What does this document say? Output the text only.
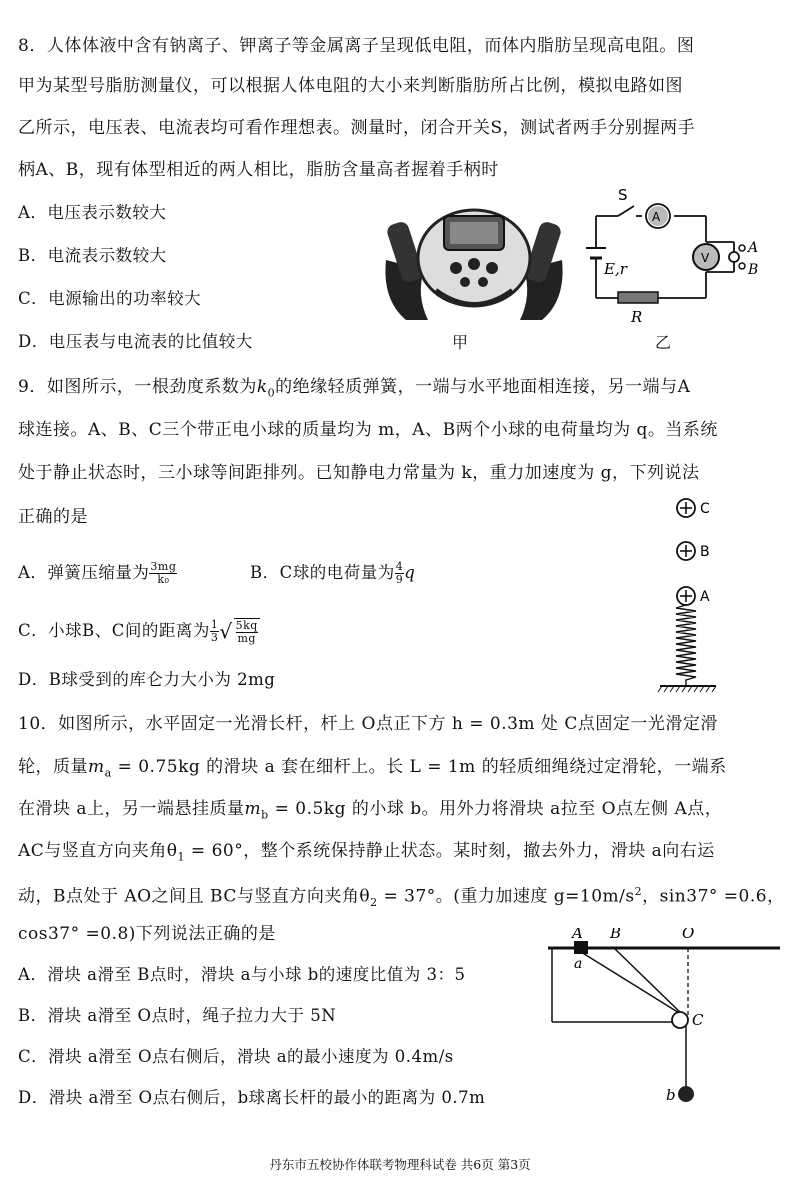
8．人体体液中含有钠离子、钾离子等金属离子呈现低电阻，而体内脂肪呈现高电阻。图
甲为某型号脂肪测量仪，可以根据人体电阻的大小来判断脂肪所占比例，模拟电路如图
乙所示，电压表、电流表均可看作理想表。测量时，闭合开关S，测试者两手分别握两手
柄A、B，现有体型相近的两人相比，脂肪含量高者握着手柄时
A．电压表示数较大
B．电流表示数较大
C．电源输出的功率较大
D．电压表与电流表的比值较大	甲
A
V
S
E,r
R
A
B
乙
9．如图所示，一根劲度系数为$k_0$的绝缘轻质弹簧，一端与水平地面相连接，另一端与A
球连接。A、B、C三个带正电小球的质量均为 m，A、B两个小球的电荷量均为 q。当系统
处于静止状态时，三小球等间距排列。已知静电力常量为 k，重力加速度为 g，下列说法
正确的是
A．弹簧压缩量为 $\frac{3mg}{\text{k₀}}$	B．C球的电荷量为 $\frac{4}{9}$ q
C．小球B、C间的距离为 $\frac{1}{3}$ √ $\frac{5kq}{mg}$
D．B球受到的库仑力大小为 2mg
C
B
A
10．如图所示，水平固定一光滑长杆，杆上 O点正下方 h = 0.3m 处 C点固定一光滑定滑
轮，质量$m_a = 0.75kg$ 的滑块 a 套在细杆上。长 L = 1m 的轻质细绳绕过定滑轮，一端系
在滑块 a上，另一端悬挂质量$m_b = 0.5kg$ 的小球 b。用外力将滑块 a拉至 O点左侧 A点，
AC与竖直方向夹角$\theta_1 = 60^\circ$，整个系统保持静止状态。某时刻，撤去外力，滑块 a向右运
动，B点处于 AO之间且 BC与竖直方向夹角$\theta_2 = 37^\circ$。(重力加速度 $g=10m/s^2$，sin37° =0.6，
cos37° =0.8)下列说法正确的是
A．滑块 a滑至 B点时，滑块 a与小球 b的速度比值为 3：5
B．滑块 a滑至 O点时，绳子拉力大于 5N
C．滑块 a滑至 O点右侧后，滑块 a的最小速度为 0.4m/s
D．滑块 a滑至 O点右侧后，b球离长杆的最小的距离为 0.7m
A B	O
a
C
b
丹东市五校协作体联考物理科试卷 共6页 第3页
